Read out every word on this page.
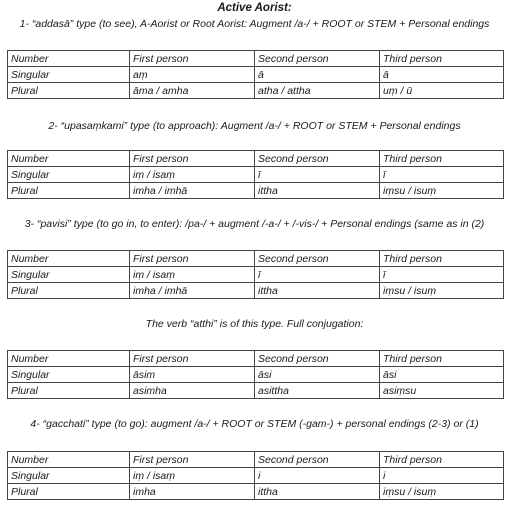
Active Aorist:
1- “addasā” type (to see), A-Aorist or Root Aorist: Augment /a-/ + ROOT or STEM + Personal endings
Number	First person	Second person	Third person
Singular	aṃ	ā	ā
Plural	āma / amha	atha / attha	uṃ / ū
2- “upasaṃkami” type (to approach): Augment /a-/ + ROOT or STEM + Personal endings
Number	First person	Second person	Third person
Singular	iṃ / isaṃ	ī	ī
Plural	imha / imhā	ittha	iṃsu / isuṃ
3- “pavisi” type (to go in, to enter): /pa-/ + augment /-a-/ + /-vis-/ + Personal endings (same as in (2)
Number	First person	Second person	Third person
Singular	iṃ / isaṃ	ī	ī
Plural	imha / imhā	ittha	iṃsu / isuṃ
The verb “atthi” is of this type. Full conjugation:
Number	First person	Second person	Third person
Singular	āsim	āsi	āsi
Plural	asimha	asittha	asiṃsu
4- “gacchati” type (to go): augment /a-/ + ROOT or STEM (-gam-) + personal endings (2-3) or (1)
Number	First person	Second person	Third person
Singular	iṃ / isaṃ	i	i
Plural	imha	ittha	iṃsu / isuṃ
